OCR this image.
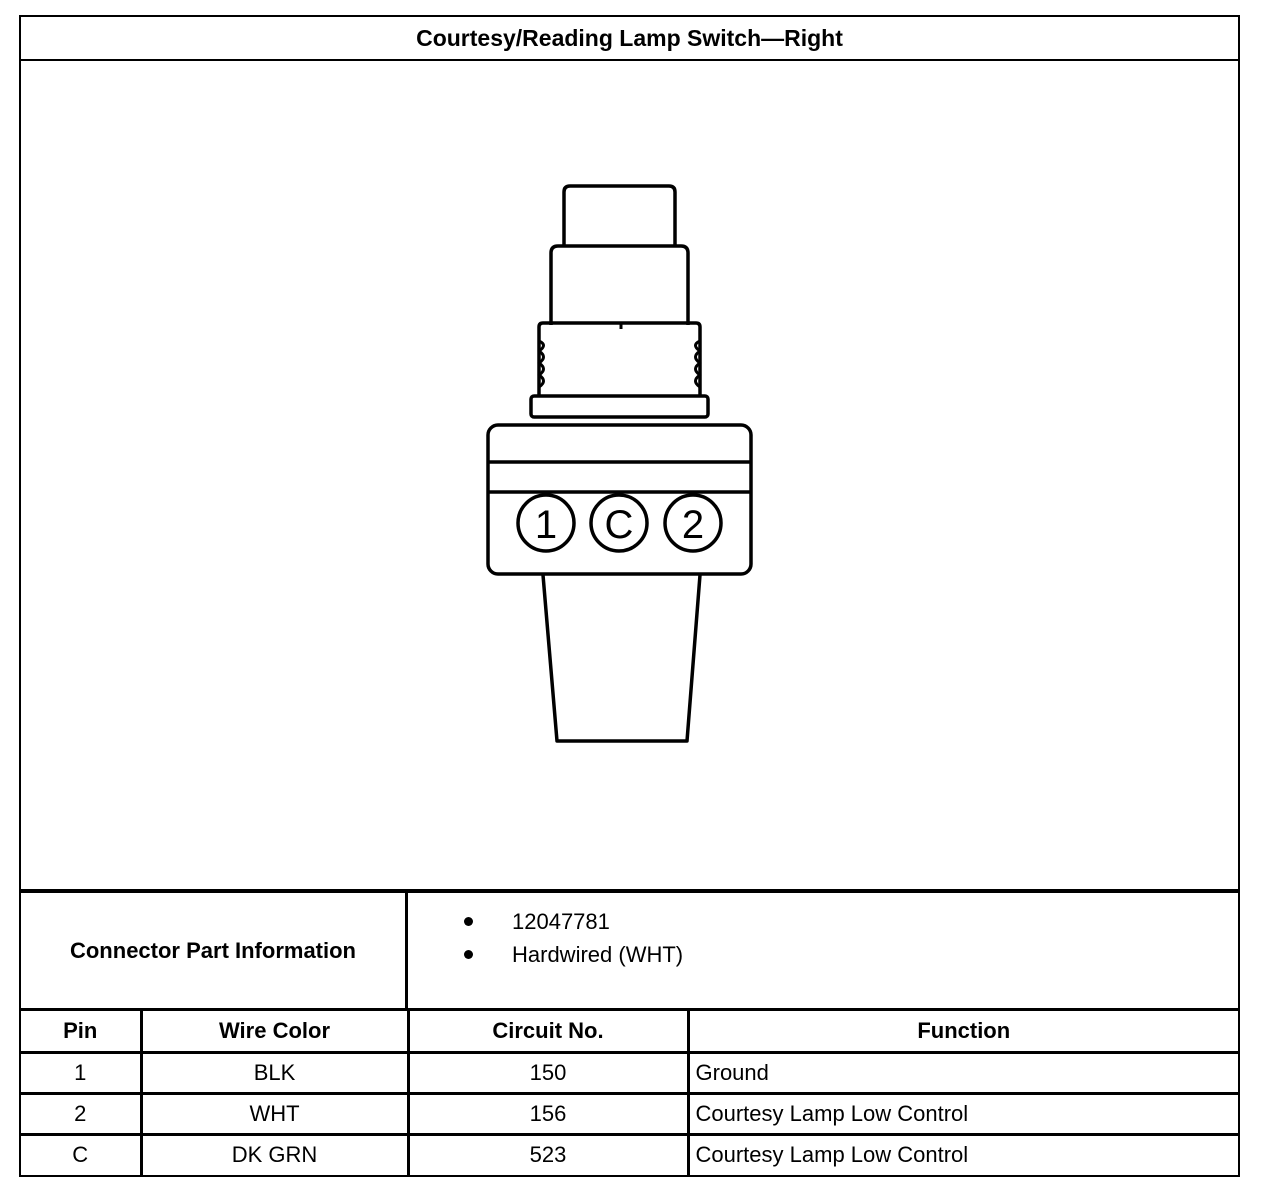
Courtesy/Reading Lamp Switch—Right
1 C 2
Connector Part Information
12047781
Hardwired (WHT)
Pin	Wire Color	Circuit No.	Function
1	BLK	150	Ground
2	WHT	156	Courtesy Lamp Low Control
C	DK GRN	523	Courtesy Lamp Low Control
